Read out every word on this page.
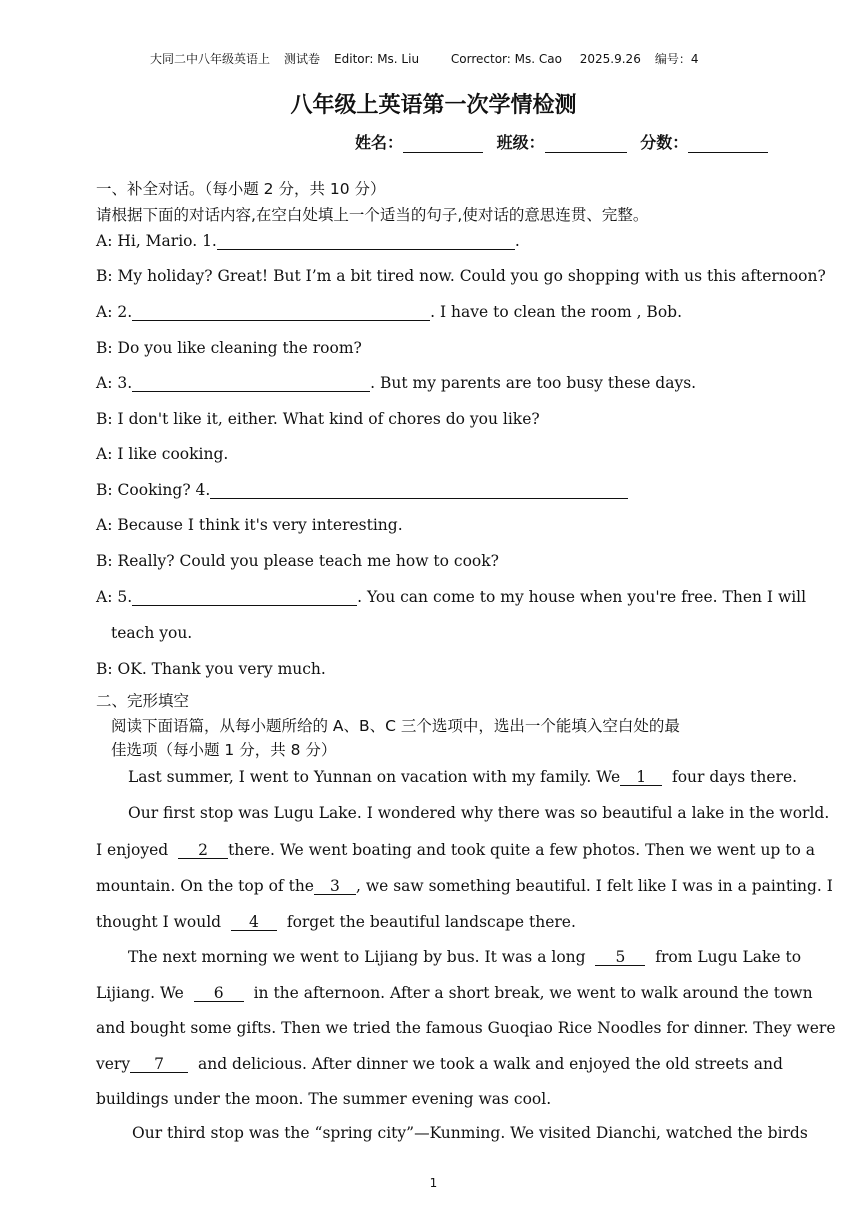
大同二中八年级英语上 测试卷 Editor: Ms. Liu	Corrector: Ms. Cao 2025.9.26 编号：4
八年级上英语第一次学情检测
姓名：	班级：	分数：
一、补全对话。（每小题 2 分，共 10 分）
请根据下面的对话内容,在空白处填上一个适当的句子,使对话的意思连贯、完整。
A: Hi, Mario. 1.	.
B: My holiday? Great! But I’m a bit tired now. Could you go shopping with us this afternoon?
A: 2.	. I have to clean the room , Bob.
B: Do you like cleaning the room?
A: 3.	. But my parents are too busy these days.
B: I don't like it, either. What kind of chores do you like?
A: I like cooking.
B: Cooking? 4.
A: Because I think it's very interesting.
B: Really? Could you please teach me how to cook?
A: 5.	. You can come to my house when you're free. Then I will
teach you.
B: OK. Thank you very much.
二、完形填空
阅读下面语篇，从每小题所给的 A、B、C 三个选项中，选出一个能填入空白处的最
佳选项（每小题 1 分，共 8 分）
Last summer, I went to Yunnan on vacation with my family. We 1 four days there.
Our first stop was Lugu Lake. I wondered why there was so beautiful a lake in the world.
I enjoyed 2 there. We went boating and took quite a few photos. Then we went up to a
mountain. On the top of the 3 , we saw something beautiful. I felt like I was in a painting. I
thought I would 4 forget the beautiful landscape there.
The next morning we went to Lijiang by bus. It was a long 5 from Lugu Lake to
Lijiang. We 6 in the afternoon. After a short break, we went to walk around the town
and bought some gifts. Then we tried the famous Guoqiao Rice Noodles for dinner. They were
very 7 and delicious. After dinner we took a walk and enjoyed the old streets and
buildings under the moon. The summer evening was cool.
Our third stop was the “spring city”—Kunming. We visited Dianchi, watched the birds
1
